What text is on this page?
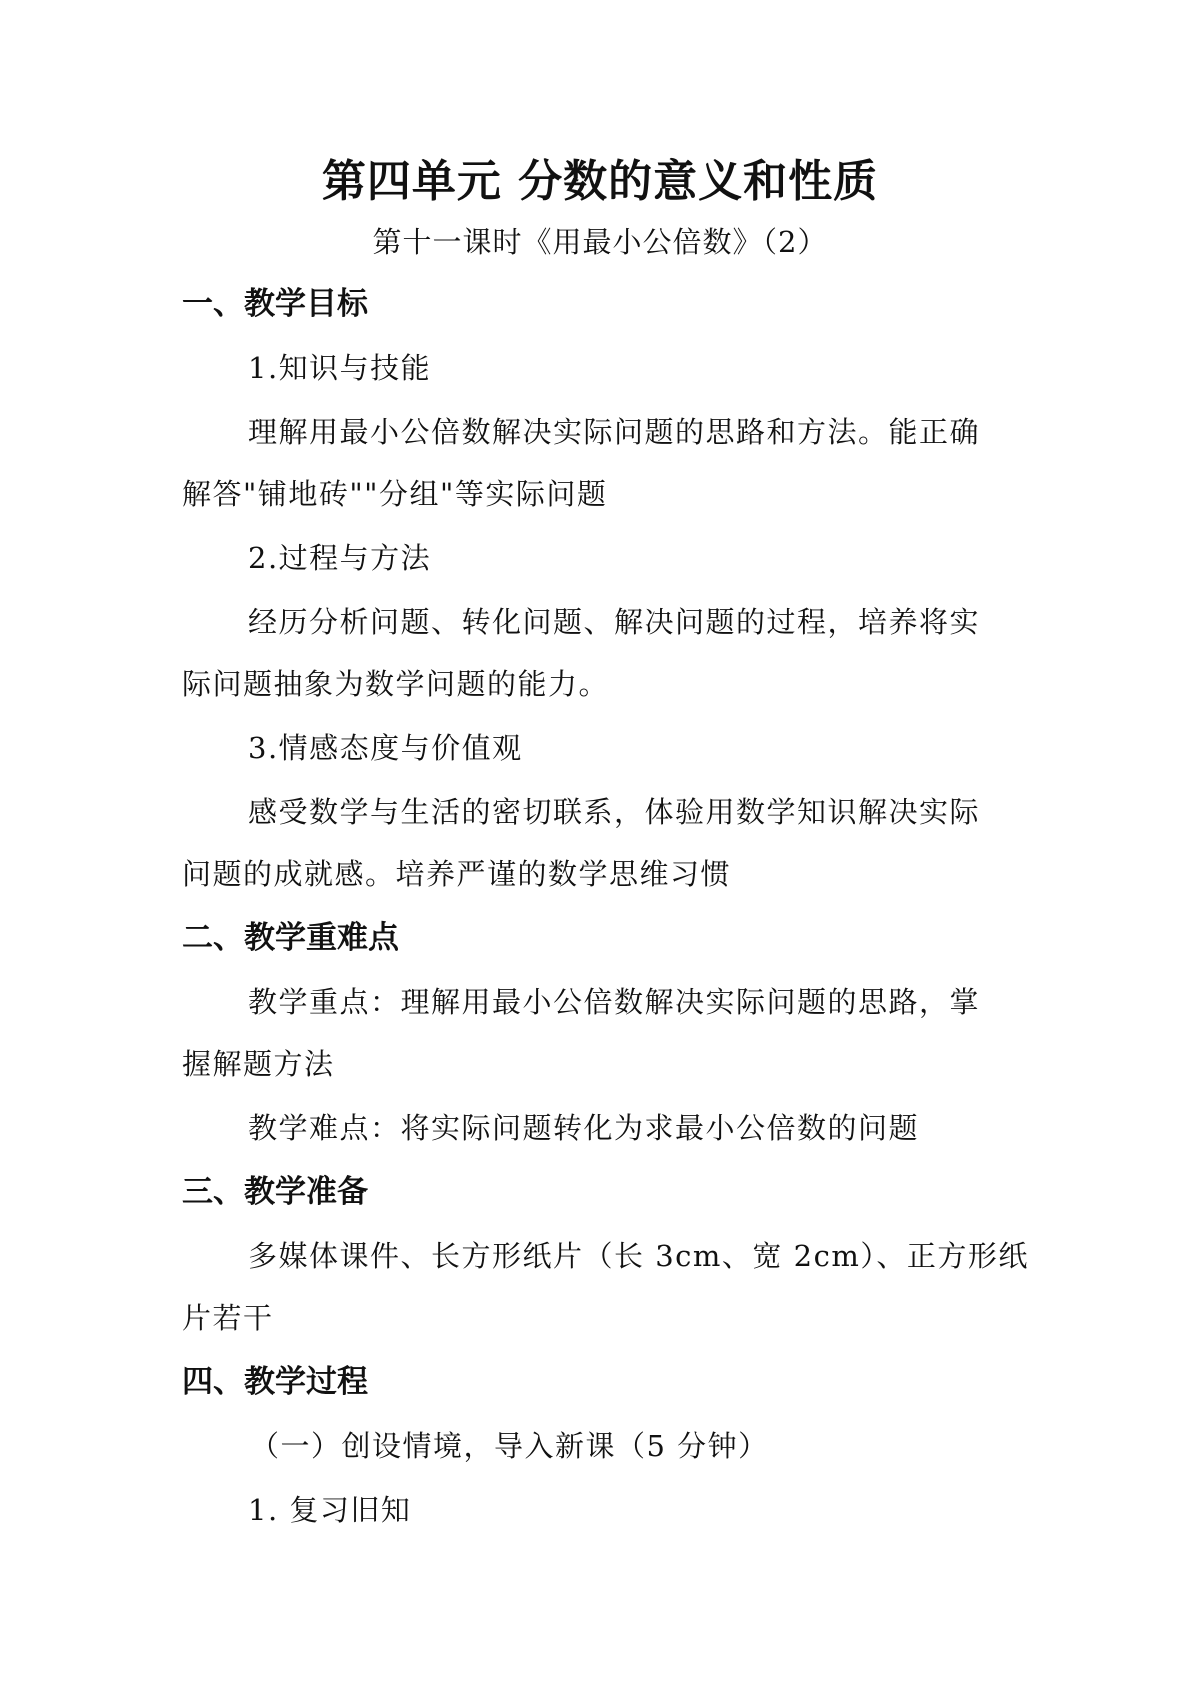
第四单元 分数的意义和性质
第十一课时《用最小公倍数》（2）
一、教学目标
1.知识与技能
理解用最小公倍数解决实际问题的思路和方法。能正确
解答"铺地砖""分组"等实际问题
2.过程与方法
经历分析问题、转化问题、解决问题的过程，培养将实
际问题抽象为数学问题的能力。
3.情感态度与价值观
感受数学与生活的密切联系，体验用数学知识解决实际
问题的成就感。培养严谨的数学思维习惯
二、教学重难点
教学重点：理解用最小公倍数解决实际问题的思路，掌
握解题方法
教学难点：将实际问题转化为求最小公倍数的问题
三、教学准备
多媒体课件、长方形纸片（长 3cm、宽 2cm）、正方形纸
片若干
四、教学过程
（一）创设情境，导入新课（5 分钟）
1. 复习旧知
